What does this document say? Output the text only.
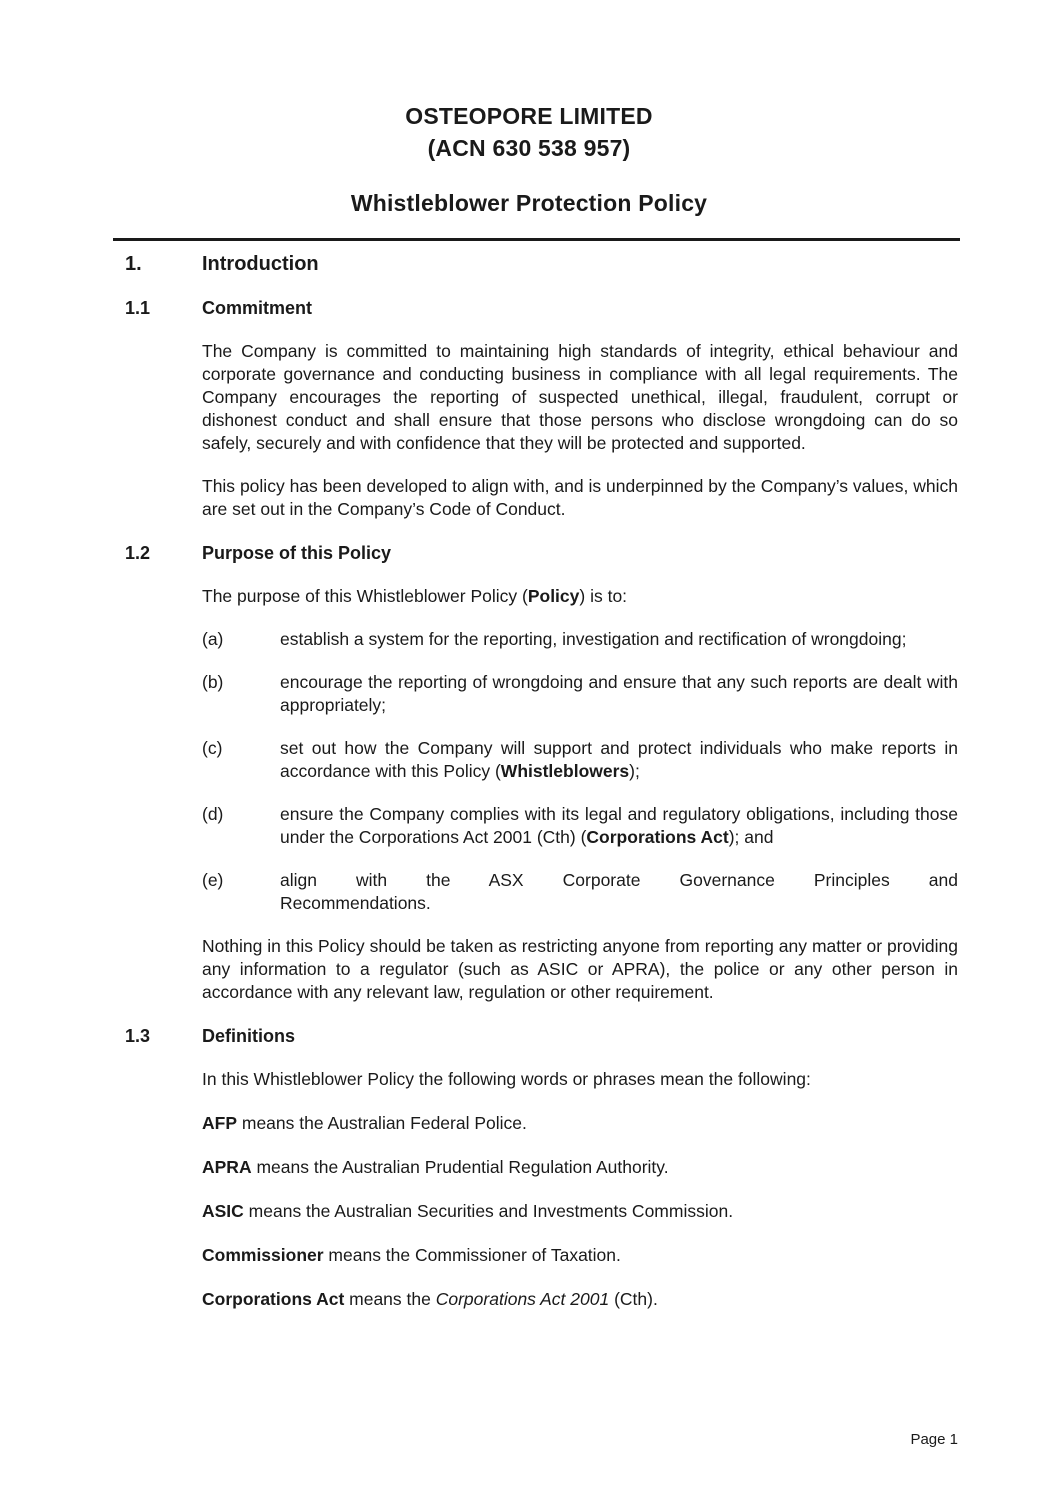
OSTEOPORE LIMITED
(ACN 630 538 957)
Whistleblower Protection Policy
1.	Introduction
1.1	Commitment

The Company is committed to maintaining high standards of integrity, ethical behaviour and corporate governance and conducting business in compliance with all legal requirements. The Company encourages the reporting of suspected unethical, illegal, fraudulent, corrupt or dishonest conduct and shall ensure that those persons who disclose wrongdoing can do so safely, securely and with confidence that they will be protected and supported.

This policy has been developed to align with, and is underpinned by the Company’s values, which are set out in the Company’s Code of Conduct.

1.2	Purpose of this Policy

The purpose of this Whistleblower Policy (Policy) is to:

(a)	establish a system for the reporting, investigation and rectification of wrongdoing;
(b)	encourage the reporting of wrongdoing and ensure that any such reports are dealt with appropriately;
(c)	set out how the Company will support and protect individuals who make reports in accordance with this Policy (Whistleblowers);
(d)	ensure the Company complies with its legal and regulatory obligations, including those under the Corporations Act 2001 (Cth) (Corporations Act); and
(e)	align with the ASX Corporate Governance Principles and
Recommendations.

Nothing in this Policy should be taken as restricting anyone from reporting any matter or providing any information to a regulator (such as ASIC or APRA), the police or any other person in accordance with any relevant law, regulation or other requirement.

1.3	Definitions

In this Whistleblower Policy the following words or phrases mean the following:

AFP means the Australian Federal Police.

APRA means the Australian Prudential Regulation Authority.

ASIC means the Australian Securities and Investments Commission.

Commissioner means the Commissioner of Taxation.

Corporations Act means the Corporations Act 2001 (Cth).

Page 1
